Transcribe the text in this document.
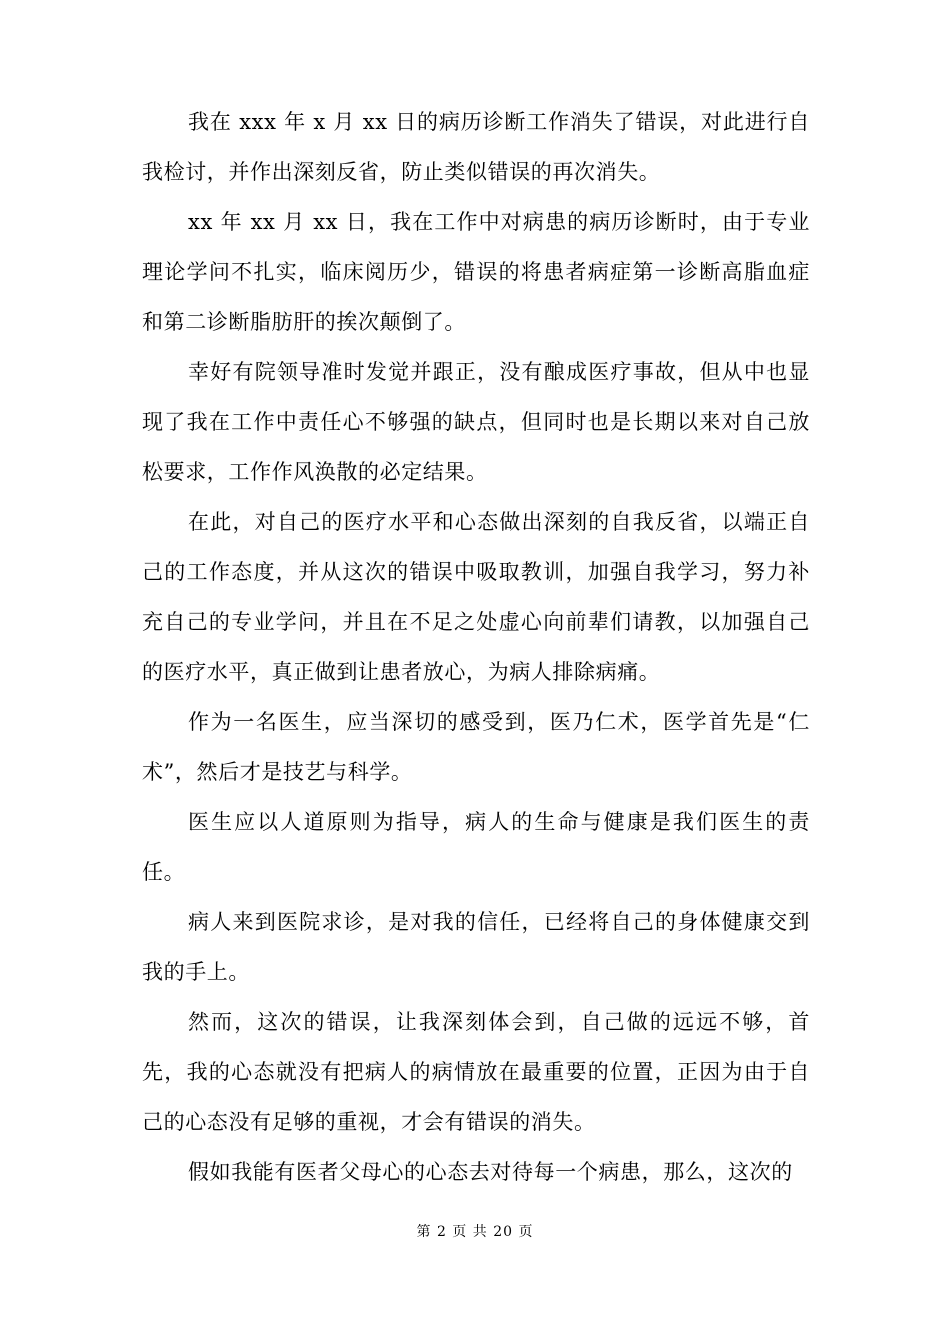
我在 xxx 年 x 月 xx 日的病历诊断工作消失了错误，对此进行自我检讨，并作出深刻反省，防止类似错误的再次消失。

xx 年 xx 月 xx 日，我在工作中对病患的病历诊断时，由于专业理论学问不扎实，临床阅历少，错误的将患者病症第一诊断高脂血症和第二诊断脂肪肝的挨次颠倒了。

幸好有院领导准时发觉并跟正，没有酿成医疗事故，但从中也显现了我在工作中责任心不够强的缺点，但同时也是长期以来对自己放松要求，工作作风涣散的必定结果。

在此，对自己的医疗水平和心态做出深刻的自我反省，以端正自己的工作态度，并从这次的错误中吸取教训，加强自我学习，努力补充自己的专业学问，并且在不足之处虚心向前辈们请教，以加强自己的医疗水平，真正做到让患者放心，为病人排除病痛。

作为一名医生，应当深切的感受到，医乃仁术，医学首先是“仁术”，然后才是技艺与科学。

医生应以人道原则为指导，病人的生命与健康是我们医生的责任。

病人来到医院求诊，是对我的信任，已经将自己的身体健康交到我的手上。

然而，这次的错误，让我深刻体会到，自己做的远远不够，首先，我的心态就没有把病人的病情放在最重要的位置，正因为由于自己的心态没有足够的重视，才会有错误的消失。

假如我能有医者父母心的心态去对待每一个病患，那么，这次的

第 2 页 共 20 页
